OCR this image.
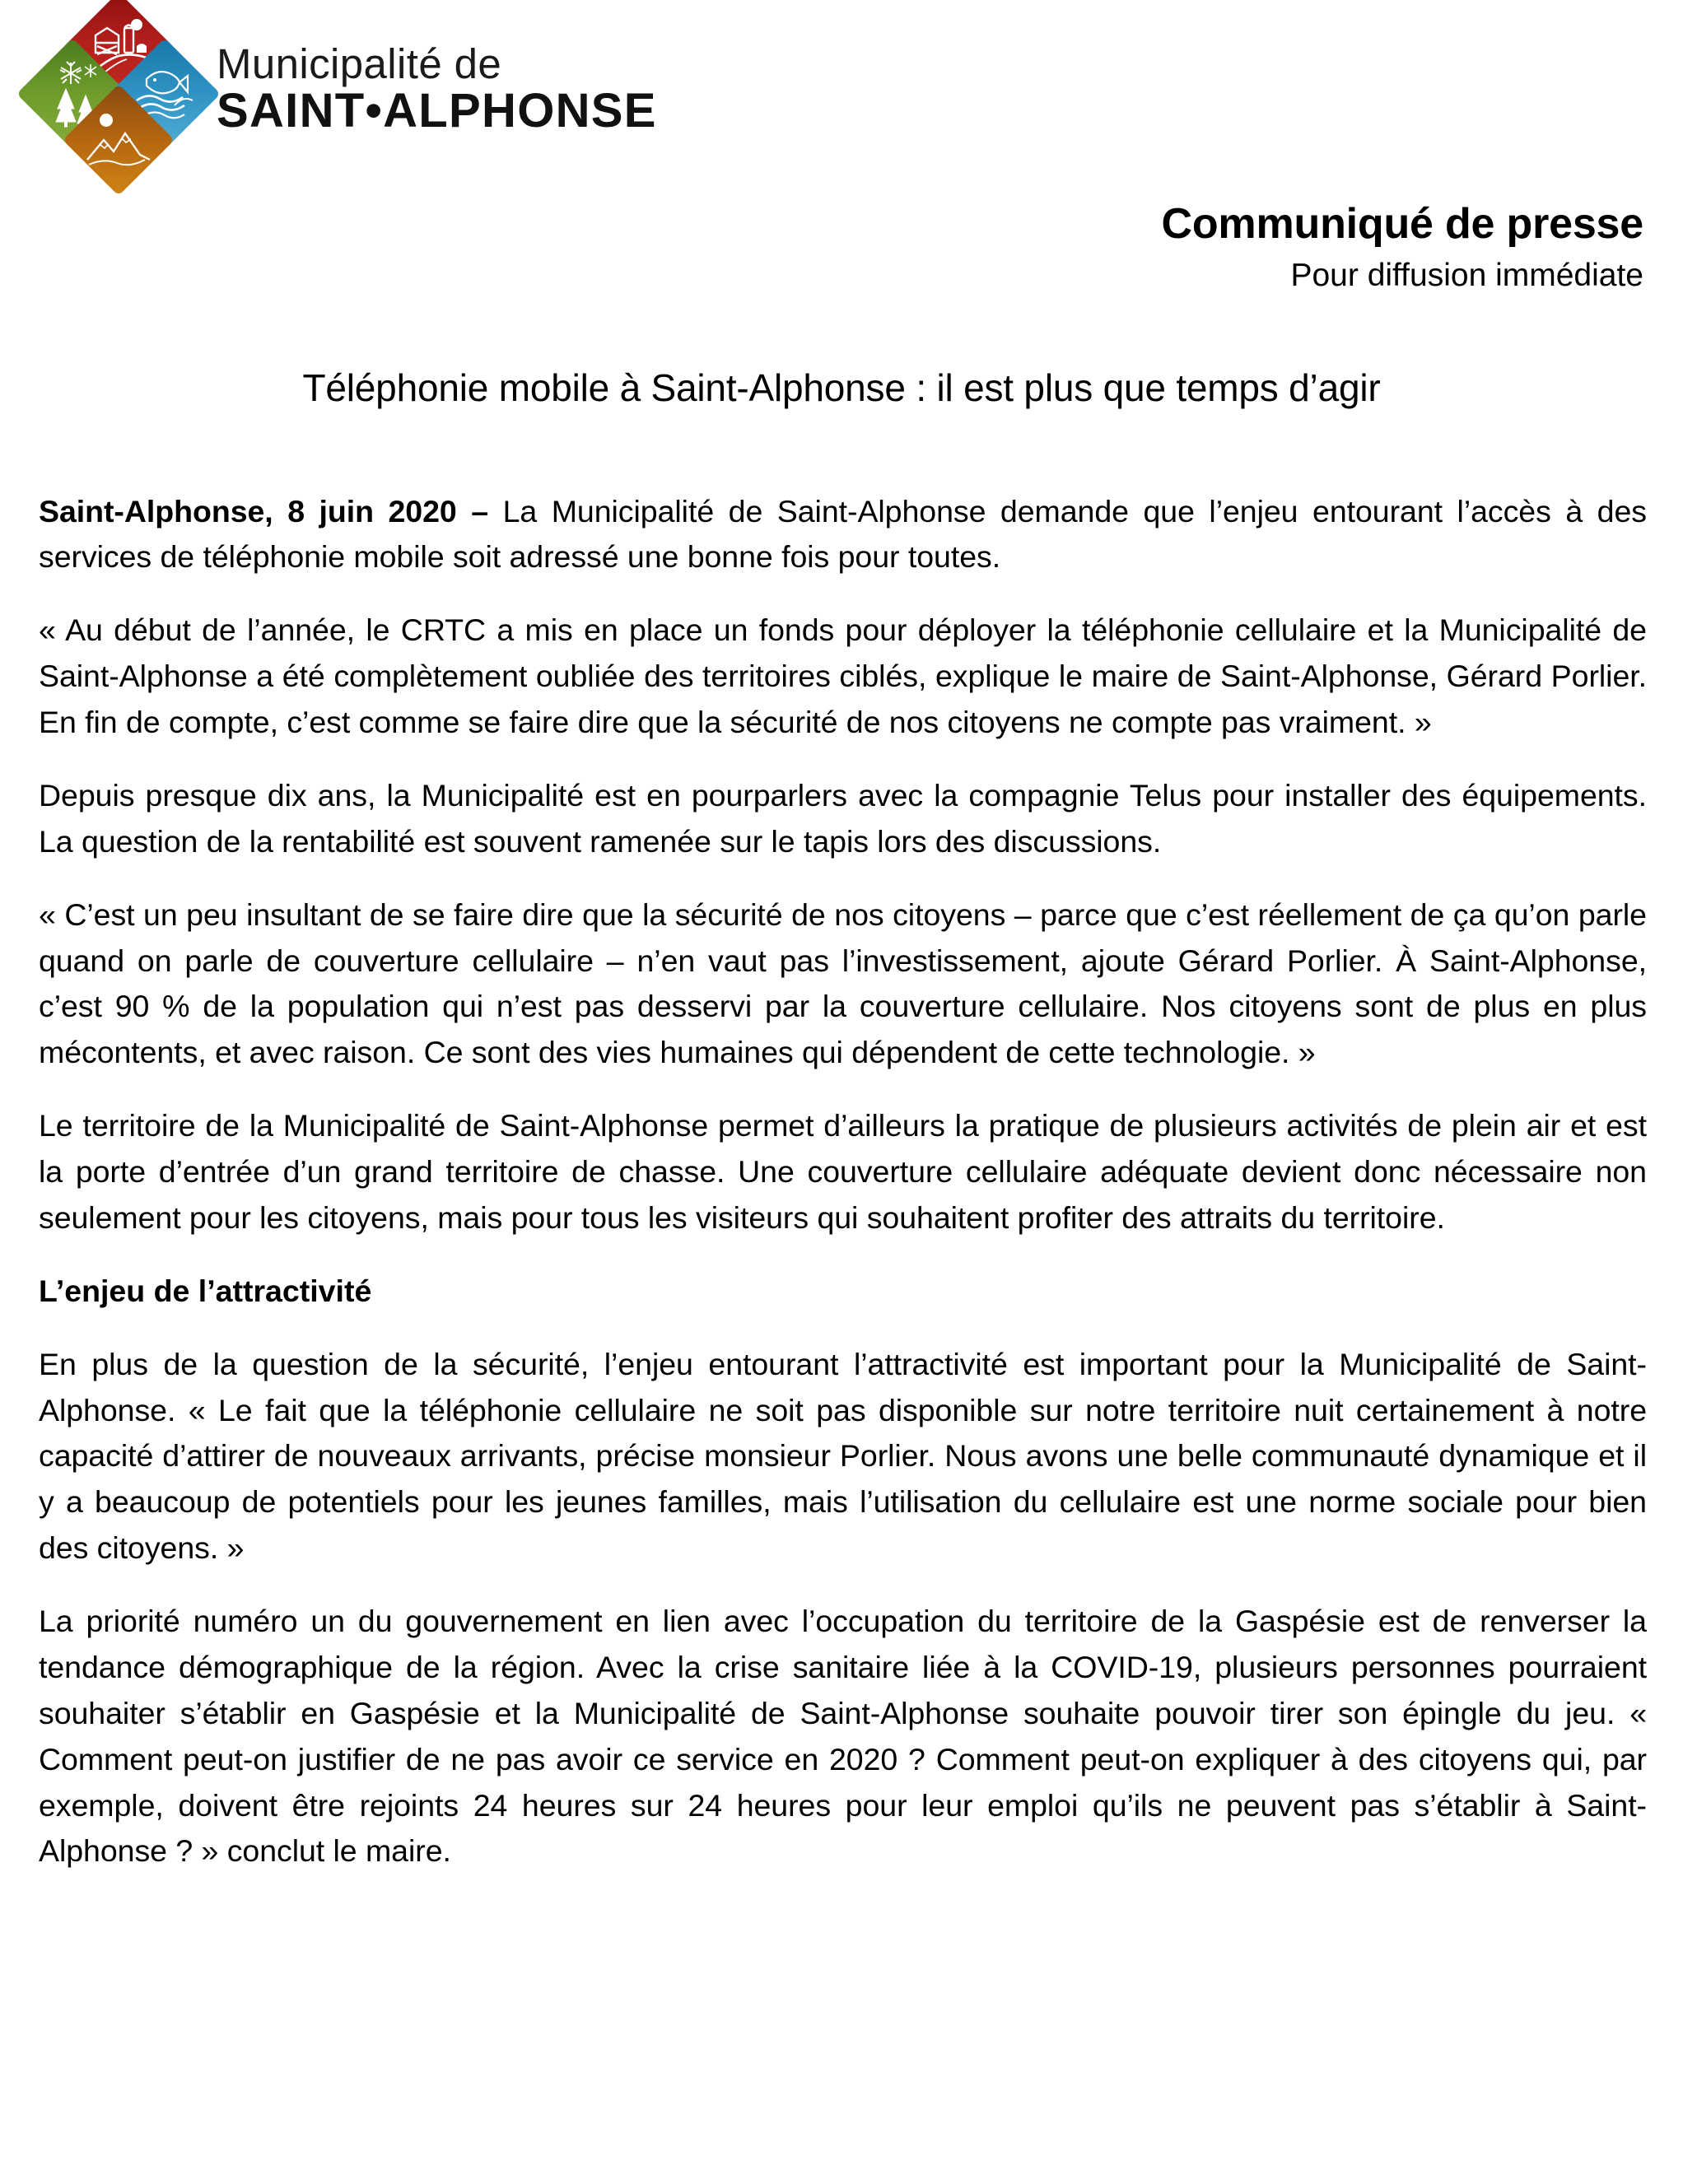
Municipalité de
SAINT•ALPHONSE
Communiqué de presse
Pour diffusion immédiate
Téléphonie mobile à Saint-Alphonse : il est plus que temps d’agir

Saint-Alphonse, 8 juin 2020 – La Municipalité de Saint-Alphonse demande que l’enjeu entourant l’accès à des services de téléphonie mobile soit adressé une bonne fois pour toutes.

« Au début de l’année, le CRTC a mis en place un fonds pour déployer la téléphonie cellulaire et la Municipalité de Saint-Alphonse a été complètement oubliée des territoires ciblés, explique le maire de Saint-Alphonse, Gérard Porlier. En fin de compte, c’est comme se faire dire que la sécurité de nos citoyens ne compte pas vraiment. »

Depuis presque dix ans, la Municipalité est en pourparlers avec la compagnie Telus pour installer des équipements. La question de la rentabilité est souvent ramenée sur le tapis lors des discussions.

« C’est un peu insultant de se faire dire que la sécurité de nos citoyens – parce que c’est réellement de ça qu’on parle quand on parle de couverture cellulaire – n’en vaut pas l’investissement, ajoute Gérard Porlier. À Saint-Alphonse, c’est 90 % de la population qui n’est pas desservi par la couverture cellulaire. Nos citoyens sont de plus en plus mécontents, et avec raison. Ce sont des vies humaines qui dépendent de cette technologie. »

Le territoire de la Municipalité de Saint-Alphonse permet d’ailleurs la pratique de plusieurs activités de plein air et est la porte d’entrée d’un grand territoire de chasse. Une couverture cellulaire adéquate devient donc nécessaire non seulement pour les citoyens, mais pour tous les visiteurs qui souhaitent profiter des attraits du territoire.

L’enjeu de l’attractivité

En plus de la question de la sécurité, l’enjeu entourant l’attractivité est important pour la Municipalité de Saint-Alphonse. « Le fait que la téléphonie cellulaire ne soit pas disponible sur notre territoire nuit certainement à notre capacité d’attirer de nouveaux arrivants, précise monsieur Porlier. Nous avons une belle communauté dynamique et il y a beaucoup de potentiels pour les jeunes familles, mais l’utilisation du cellulaire est une norme sociale pour bien des citoyens. »

La priorité numéro un du gouvernement en lien avec l’occupation du territoire de la Gaspésie est de renverser la tendance démographique de la région. Avec la crise sanitaire liée à la COVID-19, plusieurs personnes pourraient souhaiter s’établir en Gaspésie et la Municipalité de Saint-Alphonse souhaite pouvoir tirer son épingle du jeu. « Comment peut-on justifier de ne pas avoir ce service en 2020 ? Comment peut-on expliquer à des citoyens qui, par exemple, doivent être rejoints 24 heures sur 24 heures pour leur emploi qu’ils ne peuvent pas s’établir à Saint-Alphonse ? » conclut le maire.
